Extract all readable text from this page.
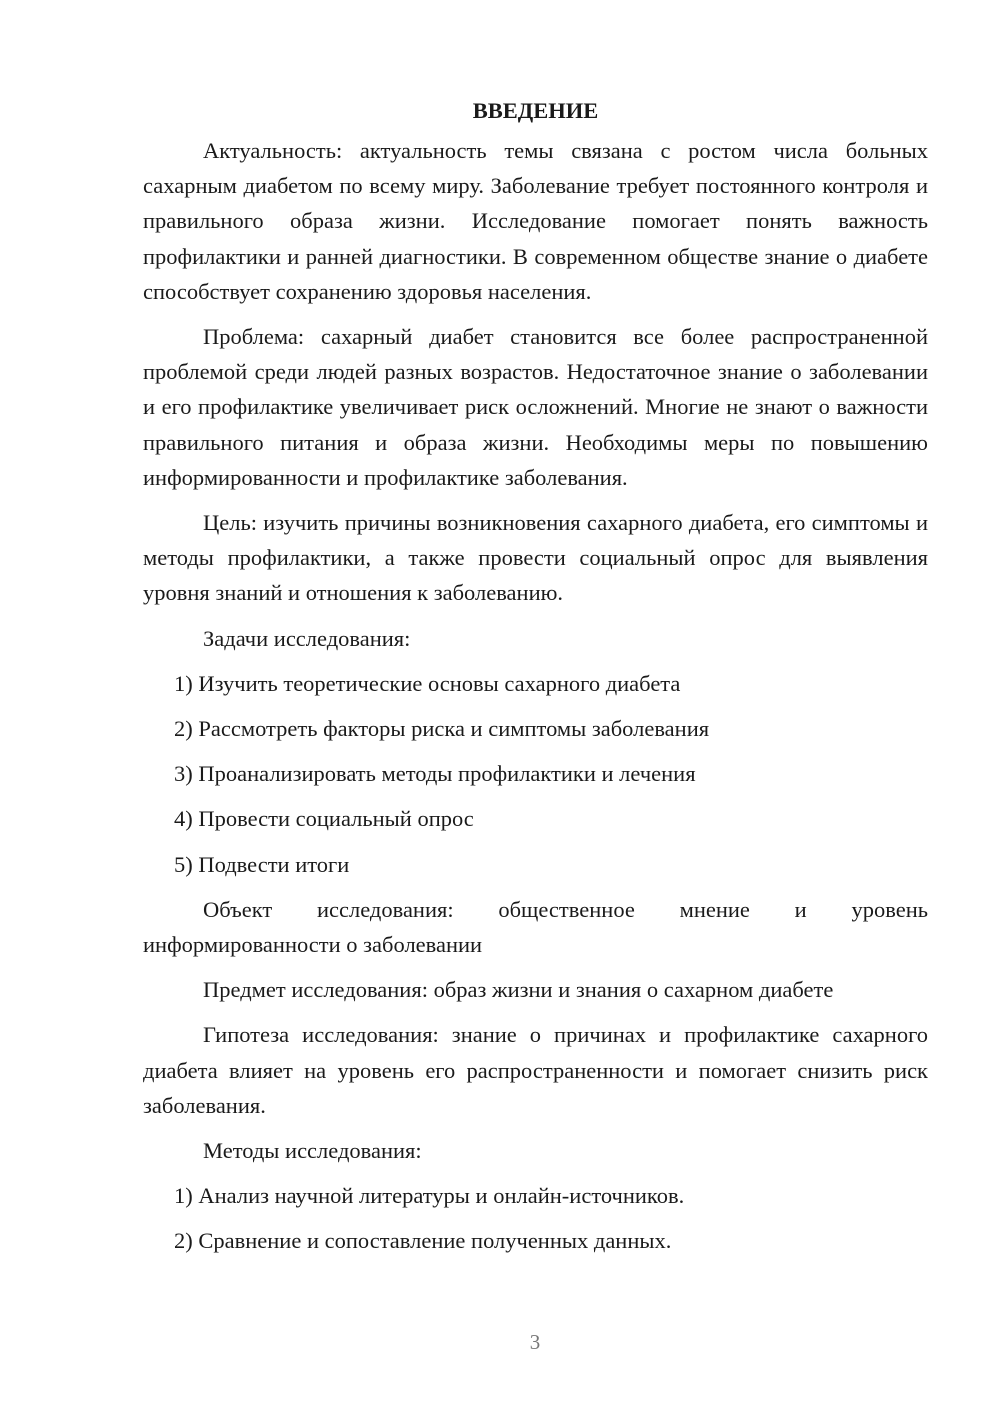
ВВЕДЕНИЕ
Актуальность: актуальность темы связана с ростом числа больных сахарным диабетом по всему миру. Заболевание требует постоянного контроля и правильного образа жизни. Исследование помогает понять важность профилактики и ранней диагностики. В современном обществе знание о диабете способствует сохранению здоровья населения.
Проблема: сахарный диабет становится все более распространенной проблемой среди людей разных возрастов. Недостаточное знание о заболевании и его профилактике увеличивает риск осложнений. Многие не знают о важности правильного питания и образа жизни. Необходимы меры по повышению информированности и профилактике заболевания.
Цель: изучить причины возникновения сахарного диабета, его симптомы и методы профилактики, а также провести социальный опрос для выявления уровня знаний и отношения к заболеванию.
Задачи исследования:
1) Изучить теоретические основы сахарного диабета
2) Рассмотреть факторы риска и симптомы заболевания
3) Проанализировать методы профилактики и лечения
4) Провести социальный опрос
5) Подвести итоги
Объект исследования: общественное мнение и уровень информированности о заболевании
Предмет исследования: образ жизни и знания о сахарном диабете
Гипотеза исследования: знание о причинах и профилактике сахарного диабета влияет на уровень его распространенности и помогает снизить риск заболевания.
Методы исследования:
1) Анализ научной литературы и онлайн-источников.
2) Сравнение и сопоставление полученных данных.
3
